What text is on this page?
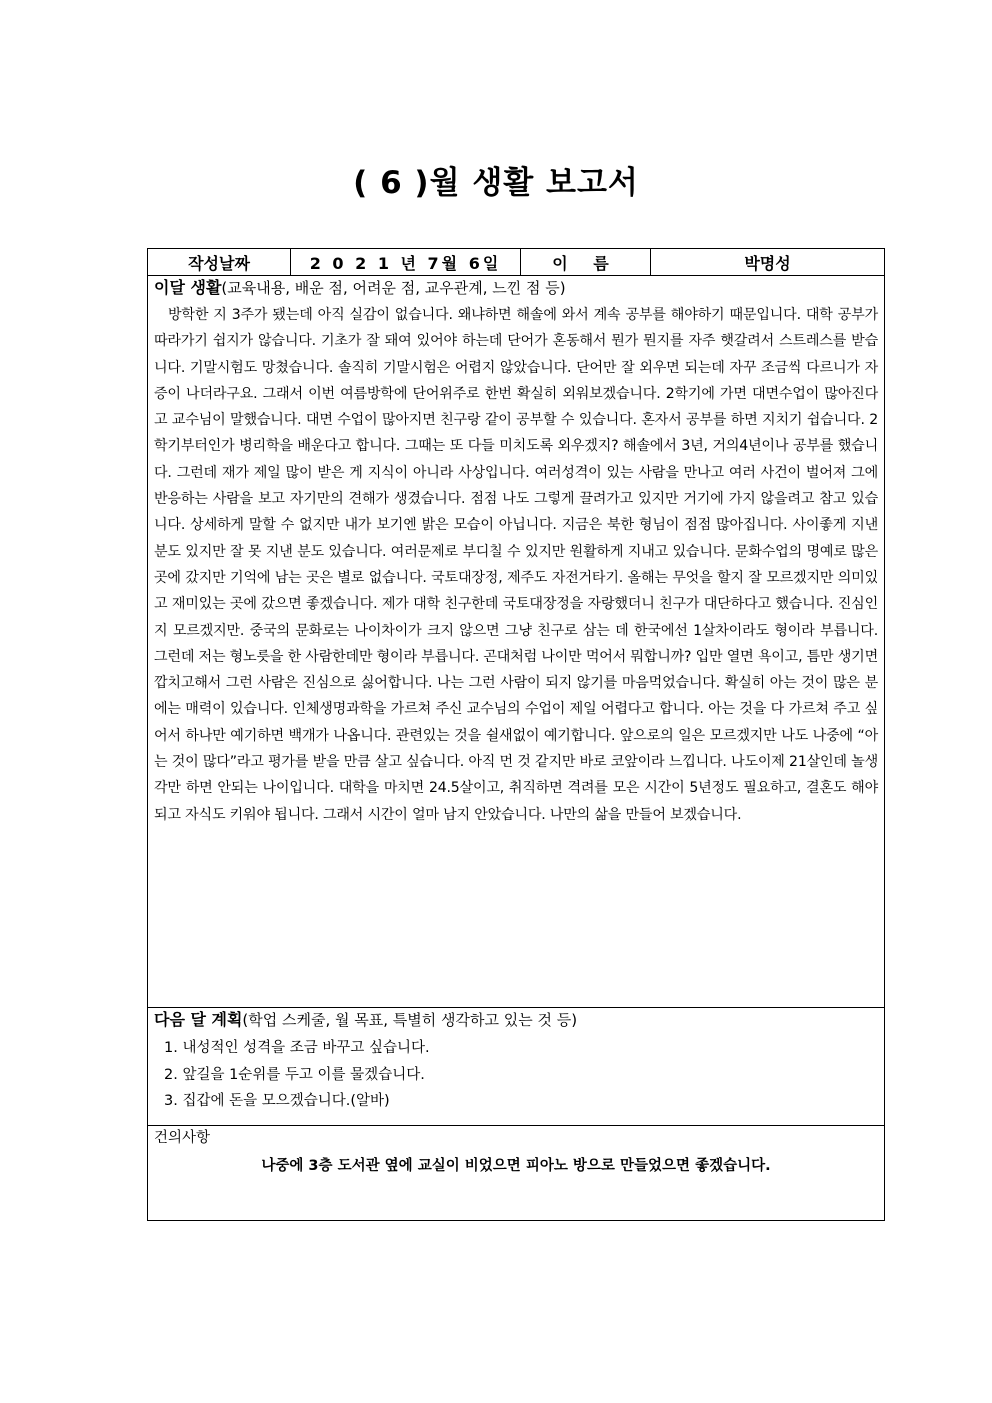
( 6 )월 생활 보고서
작성날짜	2 0 2 1 년 7월 6일	이 름	박명성
이달 생활(교육내용, 배운 점, 어려운 점, 교우관계, 느낀 점 등)
방학한 지 3주가 됐는데 아직 실감이 없습니다. 왜냐하면 해솔에 와서 계속 공부를 해야하기 때문입니다. 대학 공부가 따라가기 쉽지가 않습니다. 기초가 잘 돼여 있어야 하는데 단어가 혼동해서 뭔가 뭔지를 자주 햇갈려서 스트레스를 받습니다. 기말시험도 망쳤습니다. 솔직히 기말시험은 어렵지 않았습니다. 단어만 잘 외우면 되는데 자꾸 조금씩 다르니가 자증이 나더라구요. 그래서 이번 여름방학에 단어위주로 한번 확실히 외워보겠습니다. 2학기에 가면 대면수업이 많아진다고 교수님이 말했습니다. 대면 수업이 많아지면 친구랑 같이 공부할 수 있습니다. 혼자서 공부를 하면 지치기 쉽습니다. 2학기부터인가 병리학을 배운다고 합니다. 그때는 또 다들 미치도록 외우겠지? 해솔에서 3년, 거의4년이나 공부를 했습니다. 그런데 재가 제일 많이 받은 게 지식이 아니라 사상입니다. 여러성격이 있는 사람을 만나고 여러 사건이 벌어져 그에 반응하는 사람을 보고 자기만의 견해가 생겼습니다. 점점 나도 그렇게 끌려가고 있지만 거기에 가지 않을려고 참고 있습니다. 상세하게 말할 수 없지만 내가 보기엔 밝은 모습이 아닙니다. 지금은 북한 형님이 점점 많아집니다. 사이좋게 지낸 분도 있지만 잘 못 지낸 분도 있습니다. 여러문제로 부디칠 수 있지만 원활하게 지내고 있습니다. 문화수업의 명예로 많은 곳에 갔지만 기억에 남는 곳은 별로 없습니다. 국토대장정, 제주도 자전거타기. 올해는 무엇을 할지 잘 모르겠지만 의미있고 재미있는 곳에 갔으면 좋겠습니다. 제가 대학 친구한데 국토대장정을 자랑했더니 친구가 대단하다고 했습니다. 진심인지 모르겠지만. 중국의 문화로는 나이차이가 크지 않으면 그냥 친구로 삼는 데 한국에선 1살차이라도 형이라 부릅니다. 그런데 저는 형노릇을 한 사람한데만 형이라 부릅니다. 곤대처럼 나이만 먹어서 뭐합니까? 입만 열면 욕이고, 틈만 생기면 깝치고해서 그런 사람은 진심으로 싫어합니다. 나는 그런 사람이 되지 않기를 마음먹었습니다. 확실히 아는 것이 많은 분에는 매력이 있습니다. 인체생명과학을 가르쳐 주신 교수님의 수업이 제일 어렵다고 합니다. 아는 것을 다 가르쳐 주고 싶어서 하나만 예기하면 백개가 나옵니다. 관련있는 것을 쉴새없이 예기합니다. 앞으로의 일은 모르겠지만 나도 나중에 “아는 것이 많다”라고 평가를 받을 만큼 살고 싶습니다. 아직 먼 것 같지만 바로 코앞이라 느낍니다. 나도이제 21살인데 놀생각만 하면 안되는 나이입니다. 대학을 마치면 24.5살이고, 취직하면 격려를 모은 시간이 5년정도 필요하고, 결혼도 해야되고 자식도 키워야 됩니다. 그래서 시간이 얼마 남지 안았습니다. 나만의 삶을 만들어 보겠습니다.
다음 달 계획(학업 스케줄, 월 목표, 특별히 생각하고 있는 것 등)
1. 내성적인 성격을 조금 바꾸고 싶습니다.
2. 앞길을 1순위를 두고 이를 물겠습니다.
3. 집갑에 돈을 모으겠습니다.(알바)
건의사항
나중에 3층 도서관 옆에 교실이 비었으면 피아노 방으로 만들었으면 좋겠습니다.
